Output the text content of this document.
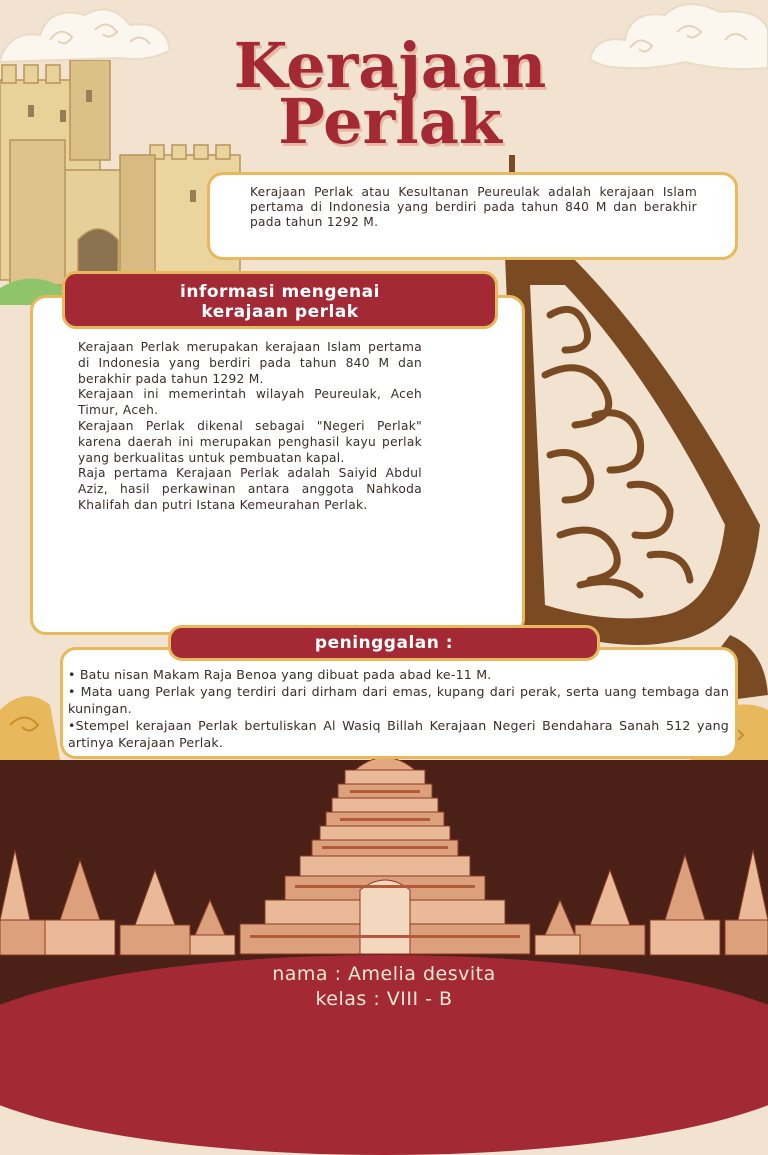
Kerajaan
Perlak
Kerajaan Perlak atau Kesultanan Peureulak adalah kerajaan Islam pertama di Indonesia yang berdiri pada tahun 840 M dan berakhir pada tahun 1292 M.

Kerajaan Perlak merupakan kerajaan Islam pertama di Indonesia yang berdiri pada tahun 840 M dan berakhir pada tahun 1292 M.

Kerajaan ini memerintah wilayah Peureulak, Aceh Timur, Aceh.

Kerajaan Perlak dikenal sebagai "Negeri Perlak" karena daerah ini merupakan penghasil kayu perlak yang berkualitas untuk pembuatan kapal.

Raja pertama Kerajaan Perlak adalah Saiyid Abdul Aziz, hasil perkawinan antara anggota Nahkoda Khalifah dan putri Istana Kemeurahan Perlak.

informasi mengenai
kerajaan perlak
nama : Amelia desvita
kelas : VIII - B

• Batu nisan Makam Raja Benoa yang dibuat pada abad ke-11 M.

• Mata uang Perlak yang terdiri dari dirham dari emas, kupang dari perak, serta uang tembaga dan kuningan.

•Stempel kerajaan Perlak bertuliskan Al Wasiq Billah Kerajaan Negeri Bendahara Sanah 512 yang artinya Kerajaan Perlak.

peninggalan :
